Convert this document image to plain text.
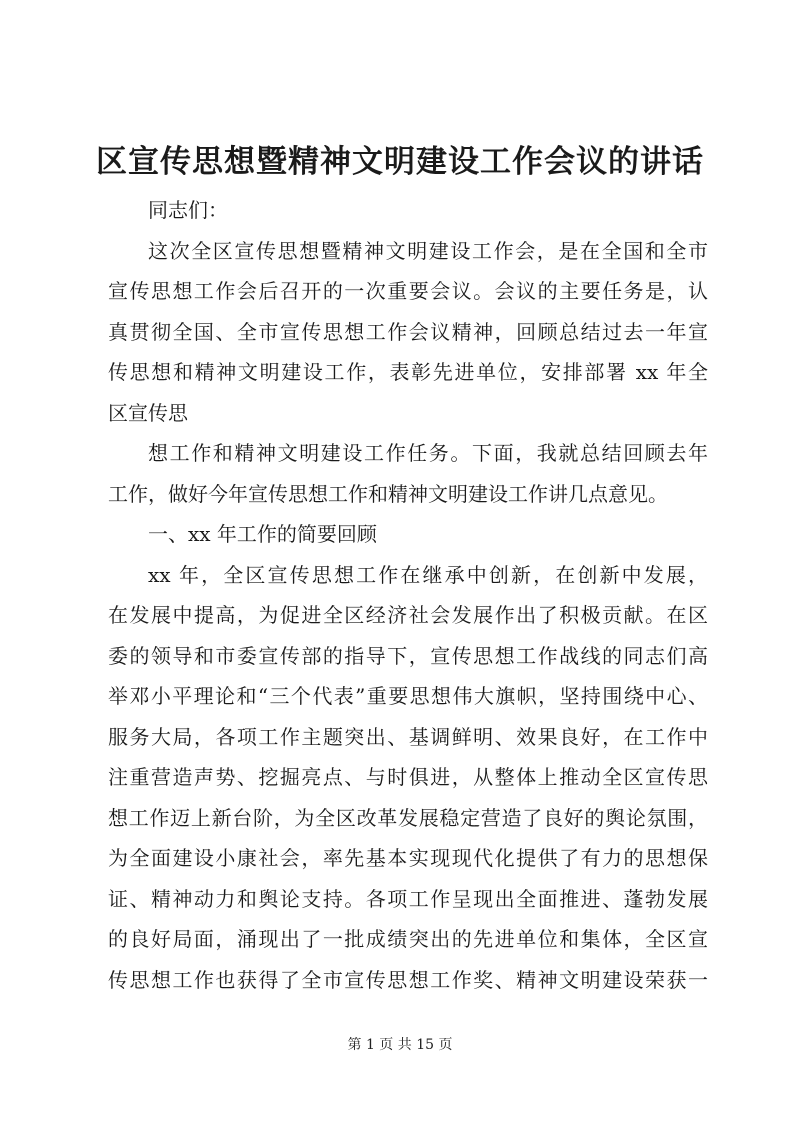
区宣传思想暨精神文明建设工作会议的讲话
同志们：
这次全区宣传思想暨精神文明建设工作会，是在全国和全市
宣传思想工作会后召开的一次重要会议。会议的主要任务是，认
真贯彻全国、全市宣传思想工作会议精神，回顾总结过去一年宣
传思想和精神文明建设工作，表彰先进单位，安排部署 xx 年全
区宣传思
想工作和精神文明建设工作任务。下面，我就总结回顾去年
工作，做好今年宣传思想工作和精神文明建设工作讲几点意见。
一、xx 年工作的简要回顾
xx 年，全区宣传思想工作在继承中创新，在创新中发展，
在发展中提高，为促进全区经济社会发展作出了积极贡献。在区
委的领导和市委宣传部的指导下，宣传思想工作战线的同志们高
举邓小平理论和“三个代表”重要思想伟大旗帜，坚持围绕中心、
服务大局，各项工作主题突出、基调鲜明、效果良好，在工作中
注重营造声势、挖掘亮点、与时俱进，从整体上推动全区宣传思
想工作迈上新台阶，为全区改革发展稳定营造了良好的舆论氛围，
为全面建设小康社会，率先基本实现现代化提供了有力的思想保
证、精神动力和舆论支持。各项工作呈现出全面推进、蓬勃发展
的良好局面，涌现出了一批成绩突出的先进单位和集体，全区宣
传思想工作也获得了全市宣传思想工作奖、精神文明建设荣获一
第 1 页 共 15 页
